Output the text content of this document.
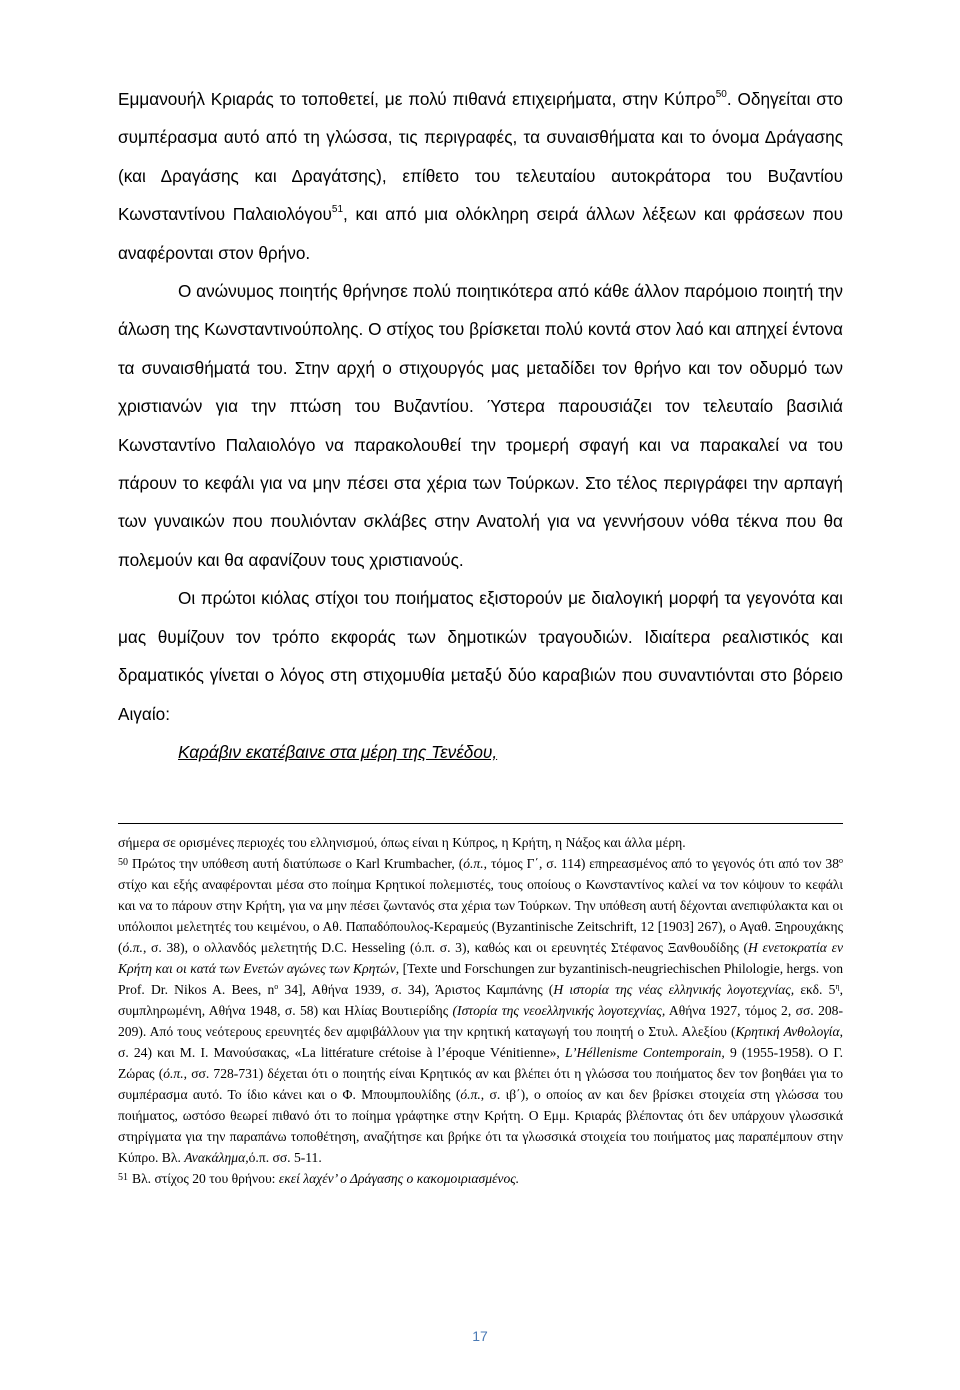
Εμμανουήλ Κριαράς το τοποθετεί, με πολύ πιθανά επιχειρήματα, στην Κύπρο$^{50}$. Οδηγείται στο συμπέρασμα αυτό από τη γλώσσα, τις περιγραφές, τα συναισθήματα και το όνομα Δράγασης (και Δραγάσης και Δραγάτσης), επίθετο του τελευταίου αυτοκράτορα του Βυζαντίου Κωνσταντίνου Παλαιολόγου$^{51}$, και από μια ολόκληρη σειρά άλλων λέξεων και φράσεων που αναφέρονται στον θρήνο.

Ο ανώνυμος ποιητής θρήνησε πολύ ποιητικότερα από κάθε άλλον παρόμοιο ποιητή την άλωση της Κωνσταντινούπολης. Ο στίχος του βρίσκεται πολύ κοντά στον λαό και απηχεί έντονα τα συναισθήματά του. Στην αρχή ο στιχουργός μας μεταδίδει τον θρήνο και τον οδυρμό των χριστιανών για την πτώση του Βυζαντίου. Ύστερα παρουσιάζει τον τελευταίο βασιλιά Κωνσταντίνο Παλαιολόγο να παρακολουθεί την τρομερή σφαγή και να παρακαλεί να του πάρουν το κεφάλι για να μην πέσει στα χέρια των Τούρκων. Στο τέλος περιγράφει την αρπαγή των γυναικών που πουλιόνταν σκλάβες στην Ανατολή για να γεννήσουν νόθα τέκνα που θα πολεμούν και θα αφανίζουν τους χριστιανούς.

Οι πρώτοι κιόλας στίχοι του ποιήματος εξιστορούν με διαλογική μορφή τα γεγονότα και μας θυμίζουν τον τρόπο εκφοράς των δημοτικών τραγουδιών. Ιδιαίτερα ρεαλιστικός και δραματικός γίνεται ο λόγος στη στιχομυθία μεταξύ δύο καραβιών που συναντιόνται στο βόρειο Αιγαίο:

Καράβιν εκατέβαινε στα μέρη της Τενέδου,

σήμερα σε ορισμένες περιοχές του ελληνισμού, όπως είναι η Κύπρος, η Κρήτη, η Νάξος και άλλα μέρη.

$^{50}$ Πρώτος την υπόθεση αυτή διατύπωσε ο Karl Krumbacher, (ό.π., τόμος Γ΄, σ. 114) επηρεασμένος από το γεγονός ότι από τον $38^o$ στίχο και εξής αναφέρονται μέσα στο ποίημα Κρητικοί πολεμιστές, τους οποίους ο Κωνσταντίνος καλεί να τον κόψουν το κεφάλι και να το πάρουν στην Κρήτη, για να μην πέσει ζωντανός στα χέρια των Τούρκων. Την υπόθεση αυτή δέχονται ανεπιφύλακτα και οι υπόλοιποι μελετητές του κειμένου, ο Αθ. Παπαδόπουλος-Κεραμεύς (Byzantinische Zeitschrift, 12 [1903] 267), ο Αγαθ. Ξηρουχάκης (ό.π., σ. 38), ο ολλανδός μελετητής D.C. Hesseling (ό.π. σ. 3), καθώς και οι ερευνητές Στέφανος Ξανθουδίδης (Η ενετοκρατία εν Κρήτη και οι κατά των Ενετών αγώνες των Κρητών, [Texte und Forschungen zur byzantinisch-neugriechischen Philologie, hergs. von Prof. Dr. Nikos A. Bees, $n^o$ 34], Αθήνα 1939, σ. 34), Άριστος Καμπάνης (Η ιστορία της νέας ελληνικής λογοτεχνίας, εκδ. $5^\eta$, συμπληρωμένη, Αθήνα 1948, σ. 58) και Ηλίας Βουτιερίδης (Ιστορία της νεοελληνικής λογοτεχνίας, Αθήνα 1927, τόμος 2, σσ. 208-209). Από τους νεότερους ερευνητές δεν αμφιβάλλουν για την κρητική καταγωγή του ποιητή ο Στυλ. Αλεξίου (Κρητική Ανθολογία, σ. 24) και Μ. Ι. Μανούσακας, «La littérature crétoise à l’époque Vénitienne», L’Héllenisme Contemporain, 9 (1955-1958). Ο Γ. Ζώρας (ό.π., σσ. 728-731) δέχεται ότι ο ποιητής είναι Κρητικός αν και βλέπει ότι η γλώσσα του ποιήματος δεν τον βοηθάει για το συμπέρασμα αυτό. Το ίδιο κάνει και ο Φ. Μπουμπουλίδης (ό.π., σ. ιβ΄), ο οποίος αν και δεν βρίσκει στοιχεία στη γλώσσα του ποιήματος, ωστόσο θεωρεί πιθανό ότι το ποίημα γράφτηκε στην Κρήτη. Ο Εμμ. Κριαράς βλέποντας ότι δεν υπάρχουν γλωσσικά στηρίγματα για την παραπάνω τοποθέτηση, αναζήτησε και βρήκε ότι τα γλωσσικά στοιχεία του ποιήματος μας παραπέμπουν στην Κύπρο. Βλ. Ανακάλημα,ό.π. σσ. 5-11.

$^{51}$ Βλ. στίχος 20 του θρήνου: εκεί λαχέν’ ο Δράγασης ο κακομοιριασμένος.

17
